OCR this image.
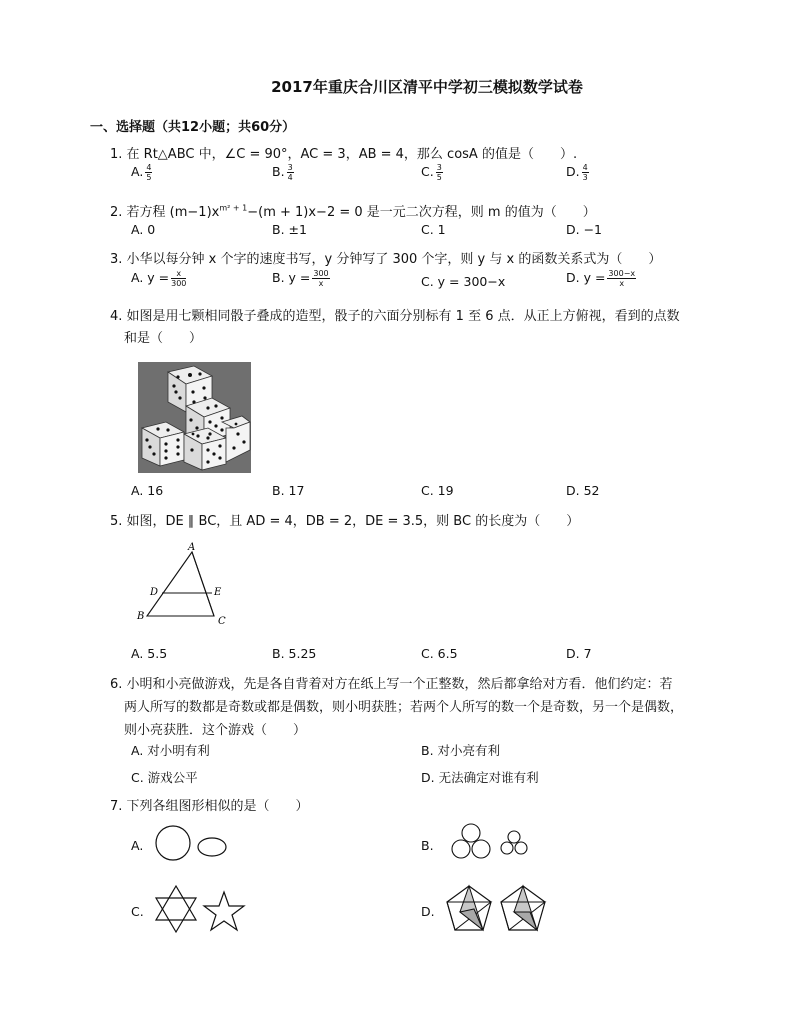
2017年重庆合川区清平中学初三模拟数学试卷
一、选择题（共12小题；共60分）
1. 在 Rt△ABC 中，∠C = 90°，AC = 3，AB = 4，那么 cosA 的值是（　　）.
A. $\frac{4}{5}$	B. $\frac{3}{4}$	C. $\frac{3}{5}$	D. $\frac{4}{3}$
2. 若方程 $(m-1)x^{m^2 + 1}-(m + 1)x-2 = 0$ 是一元二次方程，则 m 的值为（　　）
A. 0	B. ±1	C. 1	D. −1
3. 小华以每分钟 x 个字的速度书写，y 分钟写了 300 个字，则 y 与 x 的函数关系式为（　　）
A. $y = \frac{x}{300}$	B. $y = \frac{300}{x}$	C. y = 300−x	D. $y = \frac{300-x}{x}$
4. 如图是用七颗相同骰子叠成的造型，骰子的六面分别标有 1 至 6 点．从正上方俯视，看到的点数
和是（　　）
A. 16	B. 17	C. 19	D. 52
5. 如图，DE ∥ BC，且 AD = 4，DB = 2，DE = 3.5，则 BC 的长度为（　　）
A
D	E
B	C
A. 5.5	B. 5.25	C. 6.5	D. 7
6. 小明和小亮做游戏，先是各自背着对方在纸上写一个正整数，然后都拿给对方看．他们约定：若
两人所写的数都是奇数或都是偶数，则小明获胜；若两个人所写的数一个是奇数，另一个是偶数，
则小亮获胜．这个游戏（　　）
A. 对小明有利	B. 对小亮有利
C. 游戏公平	D. 无法确定对谁有利
7. 下列各组图形相似的是（　　）
A.	B.
C.	D.
